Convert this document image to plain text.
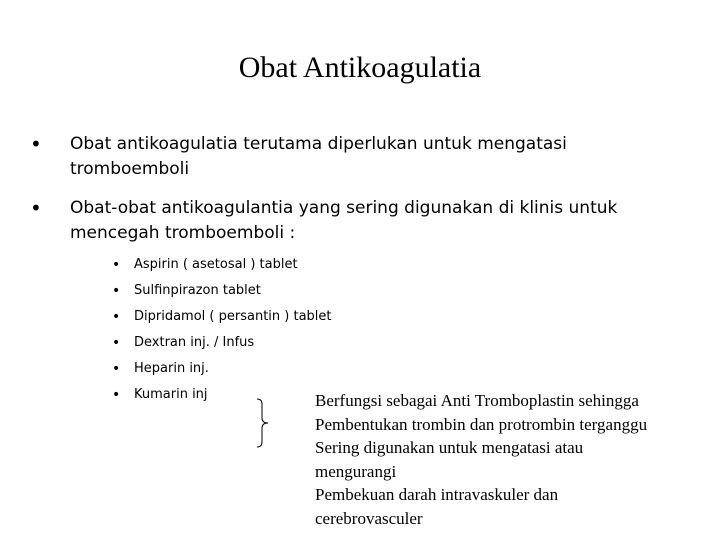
Obat Antikoagulatia
• Obat antikoagulatia terutama diperlukan untuk mengatasi tromboemboli
• Obat-obat antikoagulantia yang sering digunakan di klinis untuk mencegah tromboemboli :
• Aspirin ( asetosal ) tablet
• Sulfinpirazon tablet
• Dipridamol ( persantin ) tablet
• Dextran inj. / Infus
• Heparin inj.
• Kumarin inj	Berfungsi sebagai Anti Tromboplastin sehingga
Pembentukan trombin dan protrombin terganggu
Sering digunakan untuk mengatasi atau
mengurangi
Pembekuan darah intravaskuler dan
cerebrovasculer
